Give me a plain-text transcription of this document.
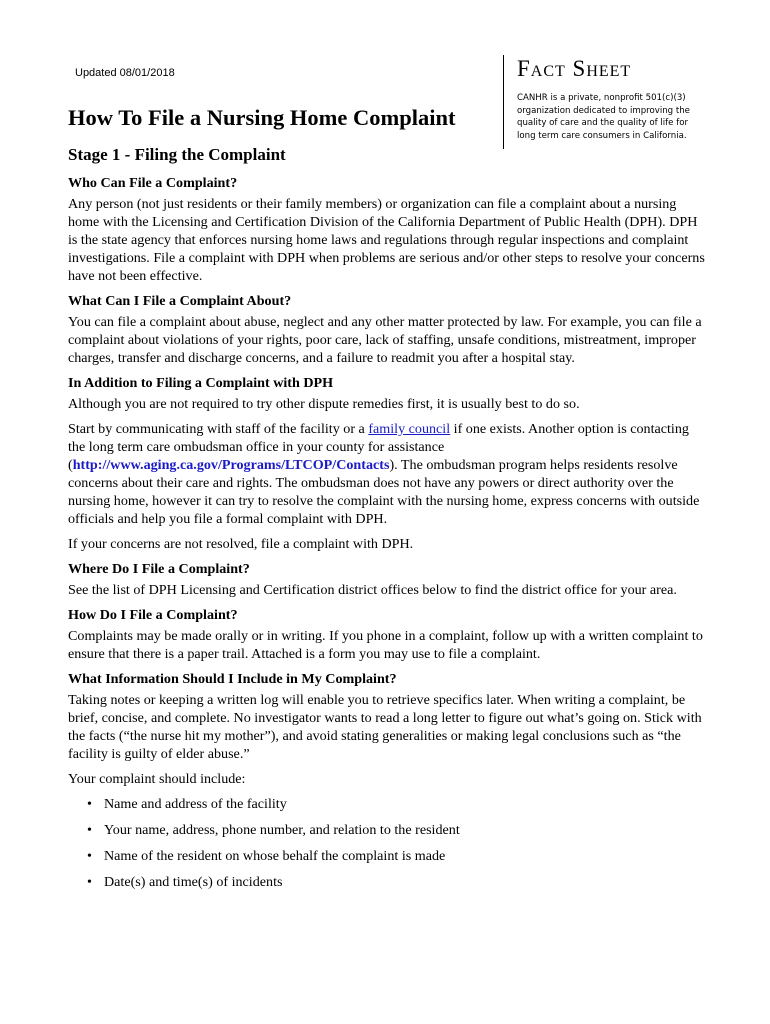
Updated 08/01/2018	Fact Sheet
CANHR is a private, nonprofit 501(c)(3) organization dedicated to improving the quality of care and the quality of life for long term care consumers in California.
How To File a Nursing Home Complaint
Stage 1 - Filing the Complaint
Who Can File a Complaint?

Any person (not just residents or their family members) or organization can file a complaint about a nursing home with the Licensing and Certification Division of the California Department of Public Health (DPH). DPH is the state agency that enforces nursing home laws and regulations through regular inspections and complaint investigations. File a complaint with DPH when problems are serious and/or other steps to resolve your concerns have not been effective.

What Can I File a Complaint About?

You can file a complaint about abuse, neglect and any other matter protected by law. For example, you can file a complaint about violations of your rights, poor care, lack of staffing, unsafe conditions, mistreatment, improper charges, transfer and discharge concerns, and a failure to readmit you after a hospital stay.

In Addition to Filing a Complaint with DPH

Although you are not required to try other dispute remedies first, it is usually best to do so.

Start by communicating with staff of the facility or a family council if one exists. Another option is contacting the long term care ombudsman office in your county for assistance (http://www.aging.ca.gov/Programs/LTCOP/Contacts). The ombudsman program helps residents resolve concerns about their care and rights. The ombudsman does not have any powers or direct authority over the nursing home, however it can try to resolve the complaint with the nursing home, express concerns with outside officials and help you file a formal complaint with DPH.

If your concerns are not resolved, file a complaint with DPH.

Where Do I File a Complaint?

See the list of DPH Licensing and Certification district offices below to find the district office for your area.

How Do I File a Complaint?

Complaints may be made orally or in writing. If you phone in a complaint, follow up with a written complaint to ensure that there is a paper trail. Attached is a form you may use to file a complaint.

What Information Should I Include in My Complaint?

Taking notes or keeping a written log will enable you to retrieve specifics later. When writing a complaint, be brief, concise, and complete. No investigator wants to read a long letter to figure out what’s going on. Stick with the facts (“the nurse hit my mother”), and avoid stating generalities or making legal conclusions such as “the facility is guilty of elder abuse.”

Your complaint should include:

• Name and address of the facility
• Your name, address, phone number, and relation to the resident
• Name of the resident on whose behalf the complaint is made
• Date(s) and time(s) of incidents
